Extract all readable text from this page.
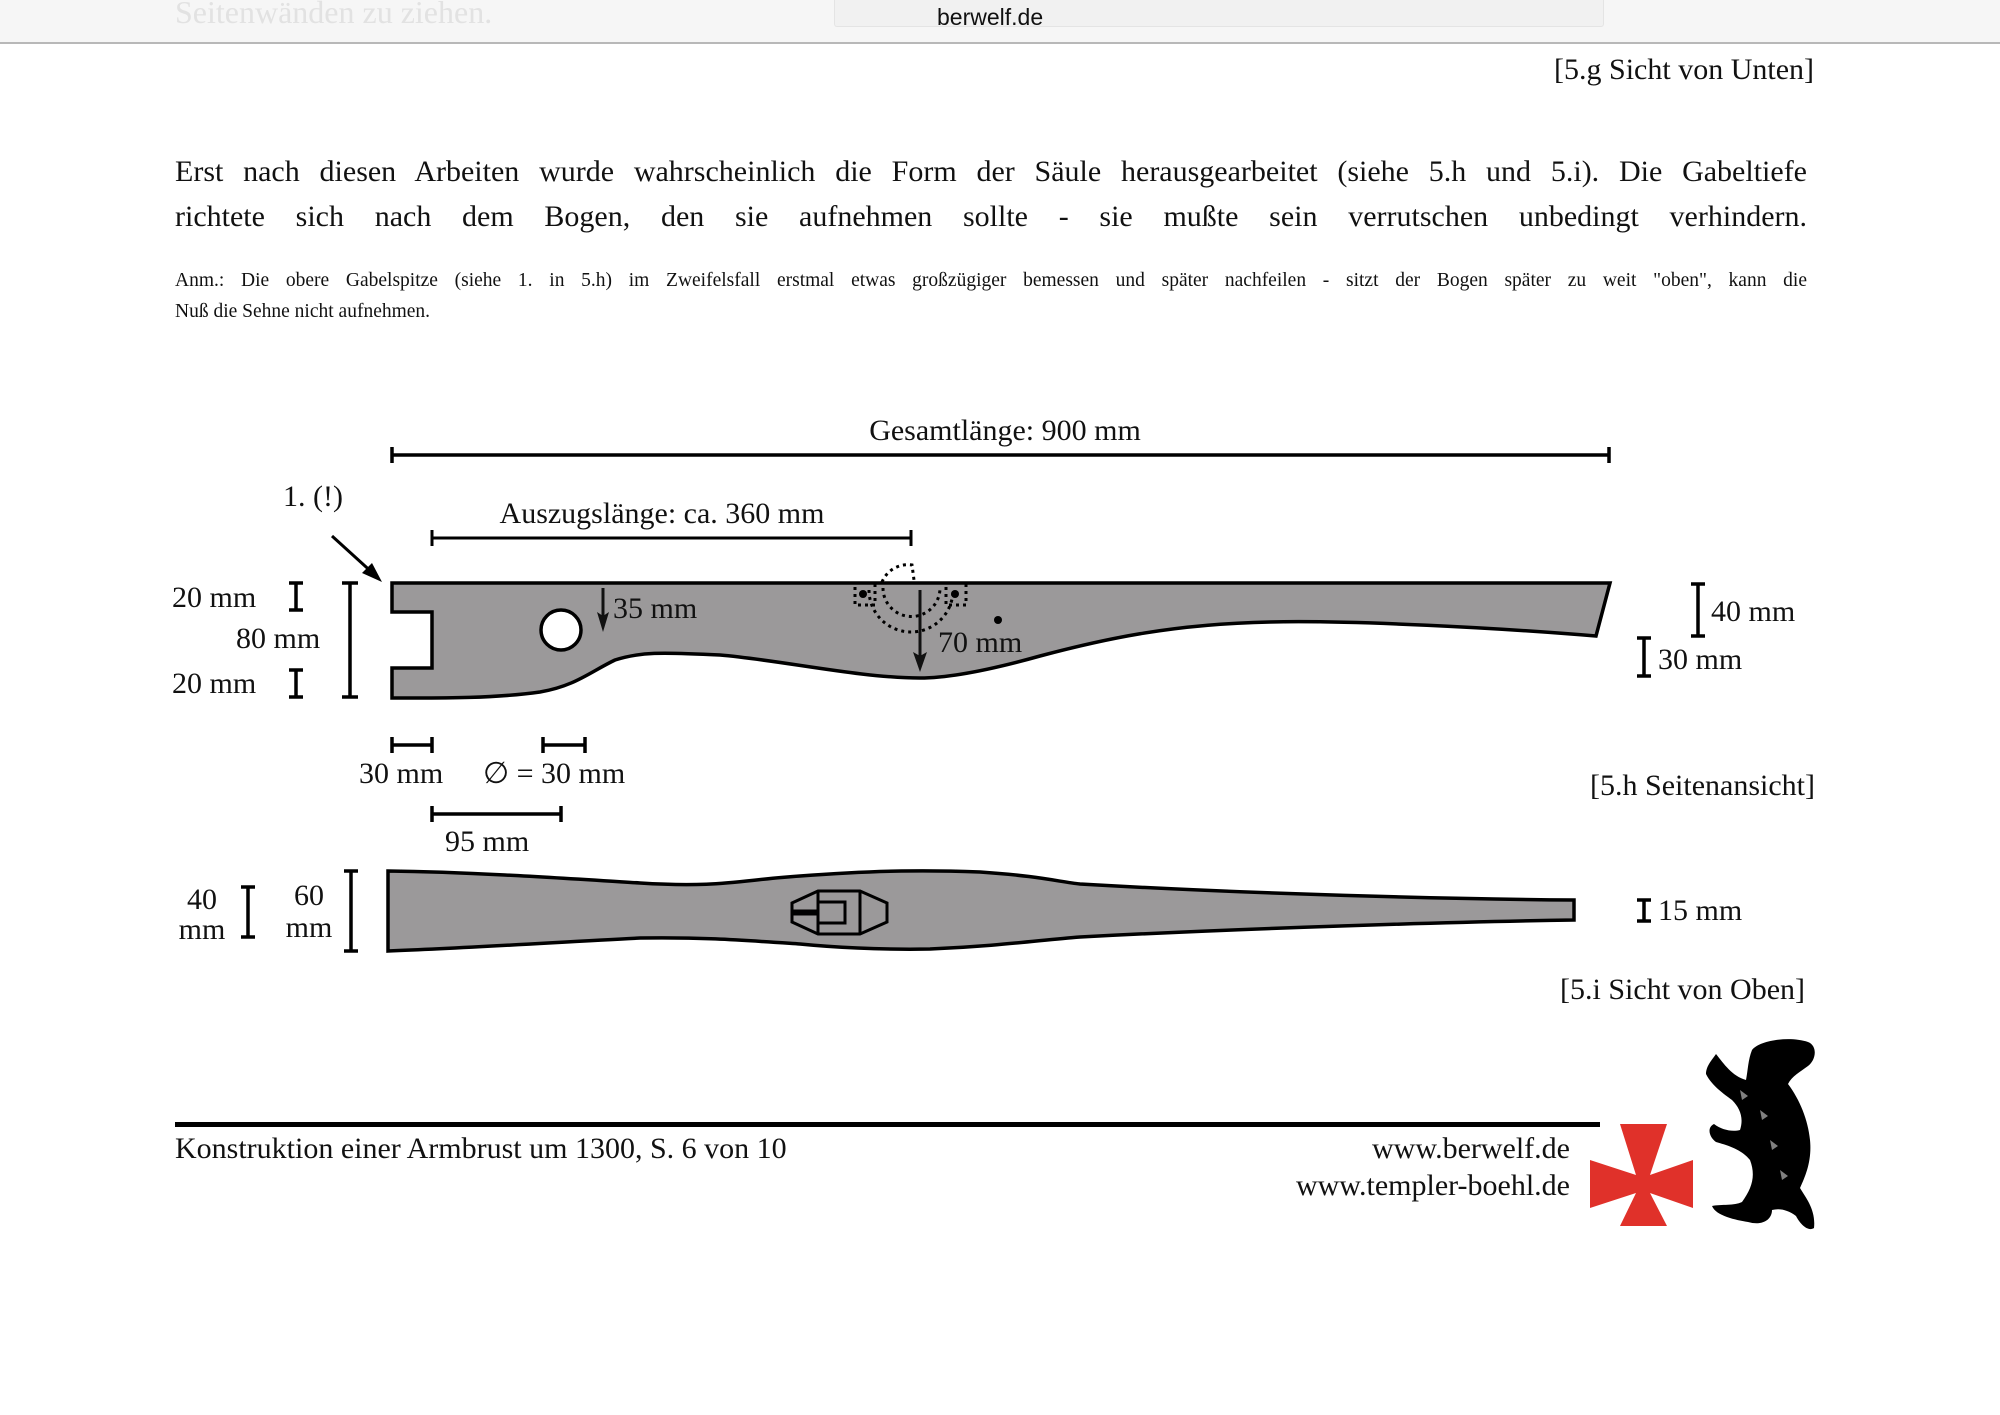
Seitenwänden zu ziehen.	berwelf.de
[5.g Sicht von Unten]
Erst nach diesen Arbeiten wurde wahrscheinlich die Form der Säule herausgearbeitet (siehe 5.h und 5.i). Die Gabeltiefe
richtete sich nach dem Bogen, den sie aufnehmen sollte - sie mußte sein verrutschen unbedingt verhindern.
Anm.: Die obere Gabelspitze (siehe 1. in 5.h) im Zweifelsfall erstmal etwas großzügiger bemessen und später nachfeilen - sitzt der Bogen später zu weit "oben", kann die
Nuß die Sehne nicht aufnehmen.
Gesamtlänge: 900 mm
Auszugslänge: ca. 360 mm
1. (!)
35 mm
70 mm
20 mm
80 mm
20 mm
40 mm
30 mm
30 mm ∅ = 30 mm
95 mm
[5.h Seitenansicht]
40
mm
60
mm
15 mm
[5.i Sicht von Oben]
Konstruktion einer Armbrust um 1300, S. 6 von 10	www.berwelf.de
www.templer-boehl.de
